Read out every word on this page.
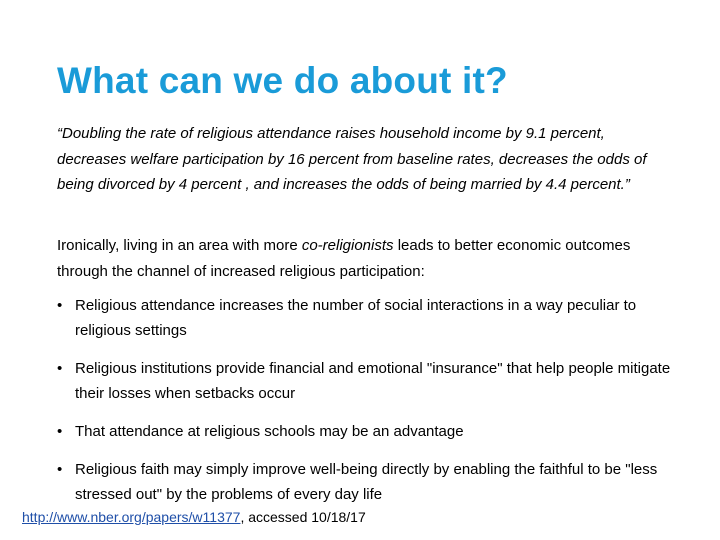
What can we do about it?

“Doubling the rate of religious attendance raises household income by 9.1 percent, decreases welfare participation by 16 percent from baseline rates, decreases the odds of being divorced by 4 percent , and increases the odds of being married by 4.4 percent.”

Ironically, living in an area with more co-religionists leads to better economic outcomes through the channel of increased religious participation:

• Religious attendance increases the number of social interactions in a way peculiar to religious settings
• Religious institutions provide financial and emotional "insurance" that help people mitigate their losses when setbacks occur
• That attendance at religious schools may be an advantage
• Religious faith may simply improve well-being directly by enabling the faithful to be "less stressed out" by the problems of every day life

http://www.nber.org/papers/w11377, accessed 10/18/17
